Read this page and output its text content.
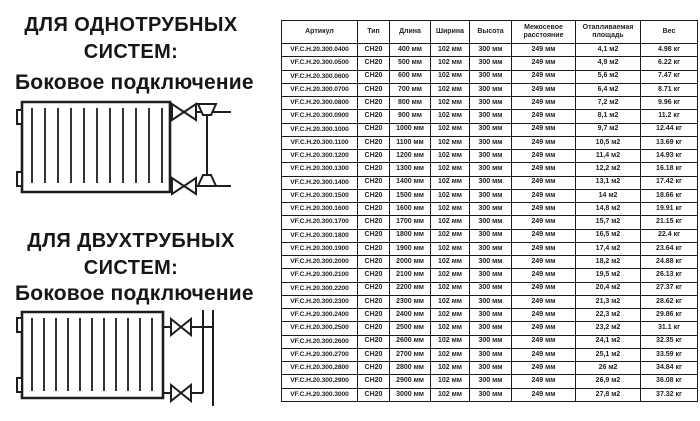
ДЛЯ ОДНОТРУБНЫХ СИСТЕМ:
Боковое подключение
ДЛЯ ДВУХТРУБНЫХ СИСТЕМ:
Боковое подключение
Артикул	Тип	Длина	Ширина	Высота	Межосевое расстояние	Отапливаемая площадь	Вес
VF.C.H.20.300.0400	CH20	400 мм	102 мм	300 мм	249 мм	4,1 м2	4.98 кг
VF.C.H.20.300.0500	CH20	500 мм	102 мм	300 мм	249 мм	4,9 м2	6.22 кг
VF.C.H.20.300.0600	CH20	600 мм	102 мм	300 мм	249 мм	5,6 м2	7.47 кг
VF.C.H.20.300.0700	CH20	700 мм	102 мм	300 мм	249 мм	6,4 м2	8.71 кг
VF.C.H.20.300.0800	CH20	800 мм	102 мм	300 мм	249 мм	7,2 м2	9.96 кг
VF.C.H.20.300.0900	CH20	900 мм	102 мм	300 мм	249 мм	8,1 м2	11.2 кг
VF.C.H.20.300.1000	CH20	1000 мм	102 мм	300 мм	249 мм	9,7 м2	12.44 кг
VF.C.H.20.300.1100	CH20	1100 мм	102 мм	300 мм	249 мм	10,5 м2	13.69 кг
VF.C.H.20.300.1200	CH20	1200 мм	102 мм	300 мм	249 мм	11,4 м2	14.93 кг
VF.C.H.20.300.1300	CH20	1300 мм	102 мм	300 мм	249 мм	12,2 м2	16.18 кг
VF.C.H.20.300.1400	CH20	1400 мм	102 мм	300 мм	249 мм	13,1 м2	17.42 кг
VF.C.H.20.300.1500	CH20	1500 мм	102 мм	300 мм	249 мм	14 м2	18.66 кг
VF.C.H.20.300.1600	CH20	1600 мм	102 мм	300 мм	249 мм	14,8 м2	19.91 кг
VF.C.H.20.300.1700	CH20	1700 мм	102 мм	300 мм	249 мм	15,7 м2	21.15 кг
VF.C.H.20.300.1800	CH20	1800 мм	102 мм	300 мм	249 мм	16,5 м2	22.4 кг
VF.C.H.20.300.1900	CH20	1900 мм	102 мм	300 мм	249 мм	17,4 м2	23.64 кг
VF.C.H.20.300.2000	CH20	2000 мм	102 мм	300 мм	249 мм	18,2 м2	24.88 кг
VF.C.H.20.300.2100	CH20	2100 мм	102 мм	300 мм	249 мм	19,5 м2	26.13 кг
VF.C.H.20.300.2200	CH20	2200 мм	102 мм	300 мм	249 мм	20,4 м2	27.37 кг
VF.C.H.20.300.2300	CH20	2300 мм	102 мм	300 мм	249 мм	21,3 м2	28.62 кг
VF.C.H.20.300.2400	CH20	2400 мм	102 мм	300 мм	249 мм	22,3 м2	29.86 кг
VF.C.H.20.300.2500	CH20	2500 мм	102 мм	300 мм	249 мм	23,2 м2	31.1 кг
VF.C.H.20.300.2600	CH20	2600 мм	102 мм	300 мм	249 мм	24,1 м2	32.35 кг
VF.C.H.20.300.2700	CH20	2700 мм	102 мм	300 мм	249 мм	25,1 м2	33.59 кг
VF.C.H.20.300.2800	CH20	2800 мм	102 мм	300 мм	249 мм	26 м2	34.84 кг
VF.C.H.20.300.2900	CH20	2900 мм	102 мм	300 мм	249 мм	26,9 м2	36.08 кг
VF.C.H.20.300.3000	CH20	3000 мм	102 мм	300 мм	249 мм	27,8 м2	37.32 кг
